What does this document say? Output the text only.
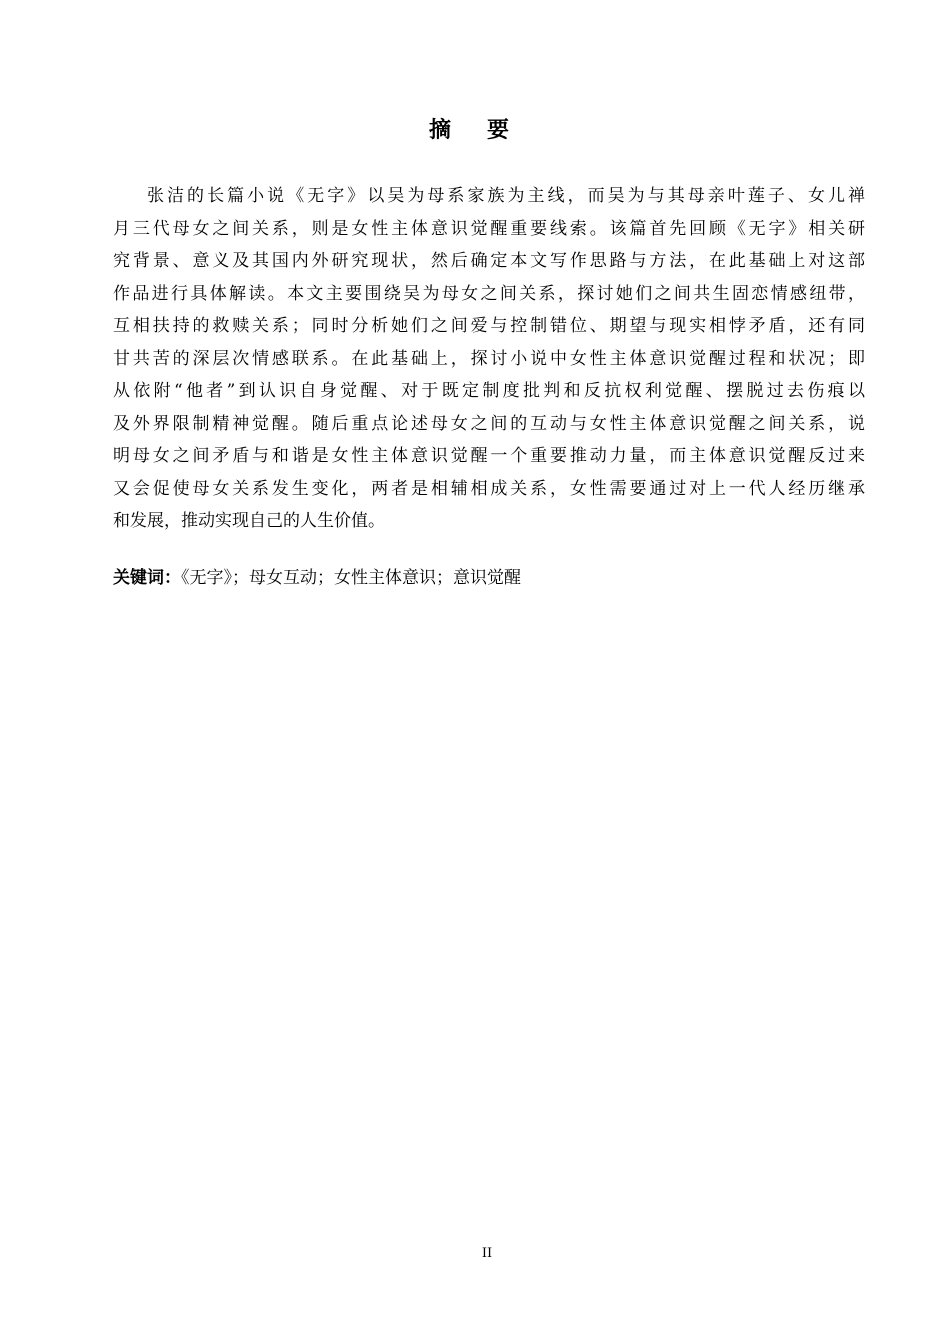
摘要
张洁的长篇小说《无字》以吴为母系家族为主线，而吴为与其母亲叶莲子、女儿禅
月三代母女之间关系，则是女性主体意识觉醒重要线索。该篇首先回顾《无字》相关研
究背景、意义及其国内外研究现状，然后确定本文写作思路与方法，在此基础上对这部
作品进行具体解读。本文主要围绕吴为母女之间关系，探讨她们之间共生固恋情感纽带，
互相扶持的救赎关系；同时分析她们之间爱与控制错位、期望与现实相悖矛盾，还有同
甘共苦的深层次情感联系。在此基础上，探讨小说中女性主体意识觉醒过程和状况；即
从依附“他者”到认识自身觉醒、对于既定制度批判和反抗权利觉醒、摆脱过去伤痕以
及外界限制精神觉醒。随后重点论述母女之间的互动与女性主体意识觉醒之间关系，说
明母女之间矛盾与和谐是女性主体意识觉醒一个重要推动力量，而主体意识觉醒反过来
又会促使母女关系发生变化，两者是相辅相成关系，女性需要通过对上一代人经历继承
和发展，推动实现自己的人生价值。
关键词：《无字》；母女互动；女性主体意识；意识觉醒
II
